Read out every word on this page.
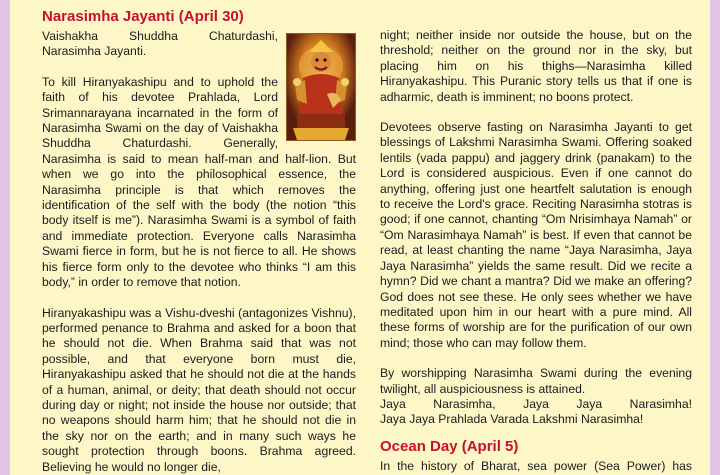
Narasimha Jayanti (April 30)

Vaishakha Shuddha Chaturdashi, Narasimha Jayanti.

To kill Hiranyakashipu and to uphold the faith of his devotee Prahlada, Lord Srimannarayana incarnated in the form of Narasimha Swami on the day of Vaishakha Shuddha Chaturdashi. Generally, Narasimha is said to mean half-man and half-lion. But when we go into the philosophical essence, the Narasimha principle is that which removes the identification of the self with the body (the notion “this body itself is me”). Narasimha Swami is a symbol of faith and immediate protection. Everyone calls Narasimha Swami fierce in form, but he is not fierce to all. He shows his fierce form only to the devotee who thinks “I am this body,” in order to remove that notion.

Hiranyakashipu was a Vishu-dveshi (antagonizes Vishnu), performed penance to Brahma and asked for a boon that he should not die. When Brahma said that was not possible, and that everyone born must die, Hiranyakashipu asked that he should not die at the hands of a human, animal, or deity; that death should not occur during day or night; not inside the house nor outside; that no weapons should harm him; that he should not die in the sky nor on the earth; and in many such ways he sought protection through boons. Brahma agreed. Believing he would no longer die,

night; neither inside nor outside the house, but on the threshold; neither on the ground nor in the sky, but placing him on his thighs—Narasimha killed Hiranyakashipu. This Puranic story tells us that if one is adharmic, death is imminent; no boons protect.

Devotees observe fasting on Narasimha Jayanti to get blessings of Lakshmi Narasimha Swami. Offering soaked lentils (vada pappu) and jaggery drink (panakam) to the Lord is considered auspicious. Even if one cannot do anything, offering just one heartfelt salutation is enough to receive the Lord's grace. Reciting Narasimha stotras is good; if one cannot, chanting “Om Nrisimhaya Namah” or “Om Narasimhaya Namah” is best. If even that cannot be read, at least chanting the name “Jaya Narasimha, Jaya Jaya Narasimha” yields the same result. Did we recite a hymn? Did we chant a mantra? Did we make an offering? God does not see these. He only sees whether we have meditated upon him in our heart with a pure mind. All these forms of worship are for the purification of our own mind; those who can may follow them.

By worshipping Narasimha Swami during the evening twilight, all auspiciousness is attained.

Jaya Narasimha, Jaya Jaya Narasimha!
Jaya Jaya Prahlada Varada Lakshmi Narasimha!
Ocean Day (April 5)
In the history of Bharat, sea power (Sea Power) has
